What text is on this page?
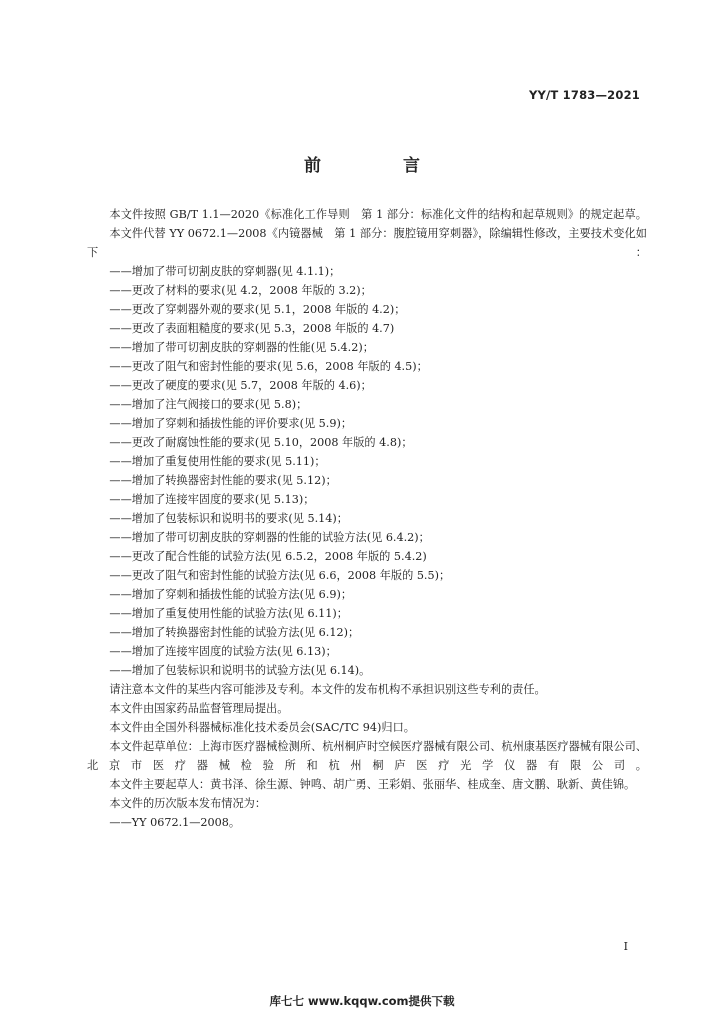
YY/T 1783—2021
前 言
本文件按照 GB/T 1.1—2020《标准化工作导则　第 1 部分：标准化文件的结构和起草规则》的规定起草。
本文件代替 YY 0672.1—2008《内镜器械　第 1 部分：腹腔镜用穿刺器》，除编辑性修改，主要技术变化如下：
——增加了带可切割皮肤的穿刺器(见 4.1.1)；
——更改了材料的要求(见 4.2，2008 年版的 3.2)；
——更改了穿刺器外观的要求(见 5.1，2008 年版的 4.2)；
——更改了表面粗糙度的要求(见 5.3，2008 年版的 4.7)
——增加了带可切割皮肤的穿刺器的性能(见 5.4.2)；
——更改了阻气和密封性能的要求(见 5.6，2008 年版的 4.5)；
——更改了硬度的要求(见 5.7，2008 年版的 4.6)；
——增加了注气阀接口的要求(见 5.8)；
——增加了穿刺和插拔性能的评价要求(见 5.9)；
——更改了耐腐蚀性能的要求(见 5.10，2008 年版的 4.8)；
——增加了重复使用性能的要求(见 5.11)；
——增加了转换器密封性能的要求(见 5.12)；
——增加了连接牢固度的要求(见 5.13)；
——增加了包装标识和说明书的要求(见 5.14)；
——增加了带可切割皮肤的穿刺器的性能的试验方法(见 6.4.2)；
——更改了配合性能的试验方法(见 6.5.2，2008 年版的 5.4.2)
——更改了阻气和密封性能的试验方法(见 6.6，2008 年版的 5.5)；
——增加了穿刺和插拔性能的试验方法(见 6.9)；
——增加了重复使用性能的试验方法(见 6.11)；
——增加了转换器密封性能的试验方法(见 6.12)；
——增加了连接牢固度的试验方法(见 6.13)；
——增加了包装标识和说明书的试验方法(见 6.14)。
请注意本文件的某些内容可能涉及专利。本文件的发布机构不承担识别这些专利的责任。
本文件由国家药品监督管理局提出。
本文件由全国外科器械标准化技术委员会(SAC/TC 94)归口。
本文件起草单位：上海市医疗器械检测所、杭州桐庐时空候医疗器械有限公司、杭州康基医疗器械有限公司、北京市医疗器械检验所和杭州桐庐医疗光学仪器有限公司。
本文件主要起草人：黄书泽、徐生源、钟鸣、胡广勇、王彩娟、张丽华、桂成奎、唐文鹏、耿新、黄佳锦。
本文件的历次版本发布情况为：
——YY 0672.1—2008。
I
库七七 www.kqqw.com提供下载
